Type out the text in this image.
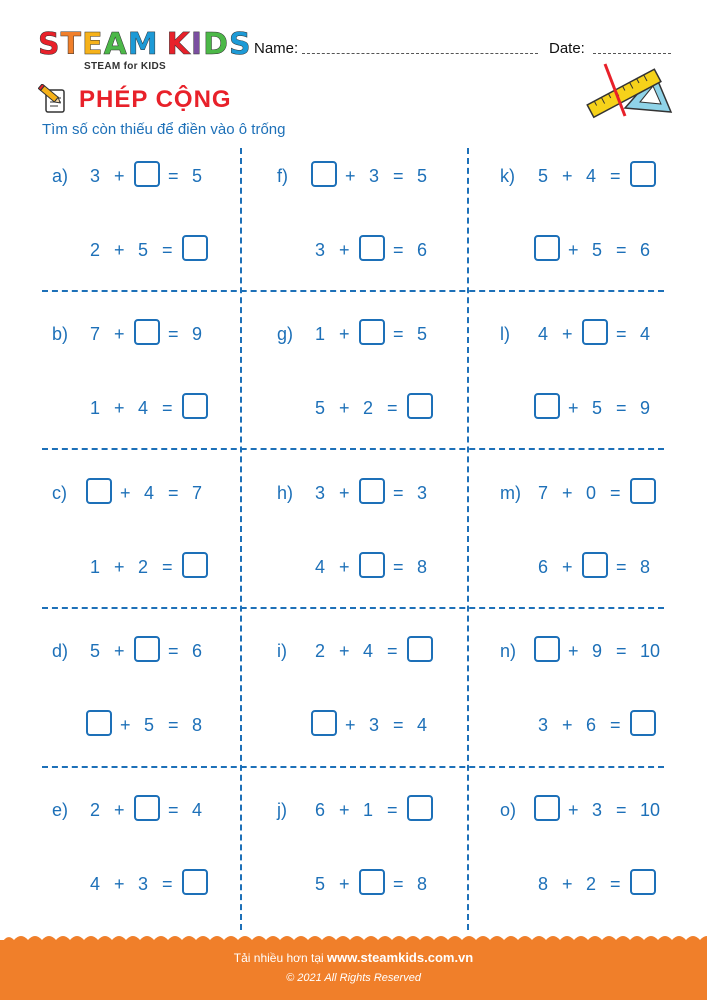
STEAM KIDS
STEAM for KIDS
Name:	Date:
PHÉP CỘNG
Tìm số còn thiếu để điền vào ô trống
a) 3 + = 5
2 + 5 =
b) 7 + = 9
1 + 4 =
c)	+ 4 = 7
1 + 2 =
d) 5 + = 6
+ 5 = 8
e) 2 + = 4
4 + 3 =
f)	+ 3 = 5
3 + = 6
g) 1 + = 5
5 + 2 =
h) 3 + = 3
4 + = 8
i) 2 + 4 =
+ 3 = 4
j) 6 + 1 =
5 + = 8
k) 5 + 4 =
+ 5 = 6
l) 4 + = 4
+ 5 = 9
m) 7 + 0 =
6 + = 8
n)	+ 9 = 10
3 + 6 =
o)	+ 3 = 10
8 + 2 =
Tải nhiều hơn tại www.steamkids.com.vn
© 2021 All Rights Reserved
